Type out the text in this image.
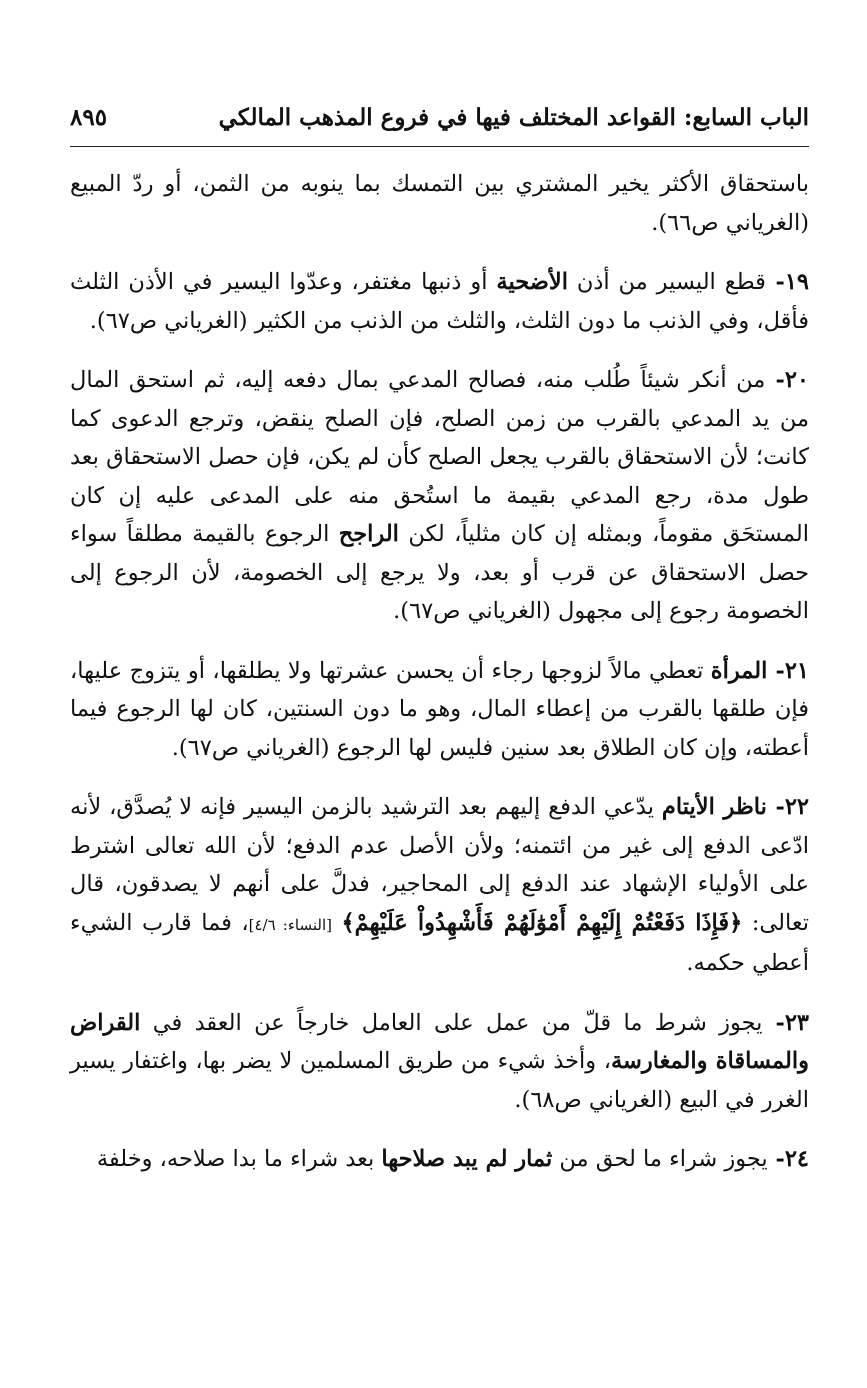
الباب السابع: القواعد المختلف فيها في فروع المذهب المالكي
٨٩٥

باستحقاق الأكثر يخير المشتري بين التمسك بما ينوبه من الثمن، أو ردّ المبيع (الغرياني ص٦٦).

١٩- قطع اليسير من أذن الأضحية أو ذنبها مغتفر، وعدّوا اليسير في الأذن الثلث فأقل، وفي الذنب ما دون الثلث، والثلث من الذنب من الكثير (الغرياني ص٦٧).

٢٠- من أنكر شيئاً طُلب منه، فصالح المدعي بمال دفعه إليه، ثم استحق المال من يد المدعي بالقرب من زمن الصلح، فإن الصلح ينقض، وترجع الدعوى كما كانت؛ لأن الاستحقاق بالقرب يجعل الصلح كأن لم يكن، فإن حصل الاستحقاق بعد طول مدة، رجع المدعي بقيمة ما استُحق منه على المدعى عليه إن كان المستحَق مقوماً، وبمثله إن كان مثلياً، لكن الراجح الرجوع بالقيمة مطلقاً سواء حصل الاستحقاق عن قرب أو بعد، ولا يرجع إلى الخصومة، لأن الرجوع إلى الخصومة رجوع إلى مجهول (الغرياني ص٦٧).

٢١- المرأة تعطي مالاً لزوجها رجاء أن يحسن عشرتها ولا يطلقها، أو يتزوج عليها، فإن طلقها بالقرب من إعطاء المال، وهو ما دون السنتين، كان لها الرجوع فيما أعطته، وإن كان الطلاق بعد سنين فليس لها الرجوع (الغرياني ص٦٧).

٢٢- ناظر الأيتام يدّعي الدفع إليهم بعد الترشيد بالزمن اليسير فإنه لا يُصدَّق، لأنه ادّعى الدفع إلى غير من ائتمنه؛ ولأن الأصل عدم الدفع؛ لأن الله تعالى اشترط على الأولياء الإشهاد عند الدفع إلى المحاجير، فدلَّ على أنهم لا يصدقون، قال تعالى: ﴿فَإِذَا دَفَعْتُمْ إِلَيْهِمْ أَمْوَٰلَهُمْ فَأَشْهِدُواْ عَلَيْهِمْ﴾ [النساء: ٤/٦]، فما قارب الشيء أعطي حكمه.

٢٣- يجوز شرط ما قلّ من عمل على العامل خارجاً عن العقد في القراض والمساقاة والمغارسة، وأخذ شيء من طريق المسلمين لا يضر بها، واغتفار يسير الغرر في البيع (الغرياني ص٦٨).

٢٤- يجوز شراء ما لحق من ثمار لم يبد صلاحها بعد شراء ما بدا صلاحه، وخلفة
